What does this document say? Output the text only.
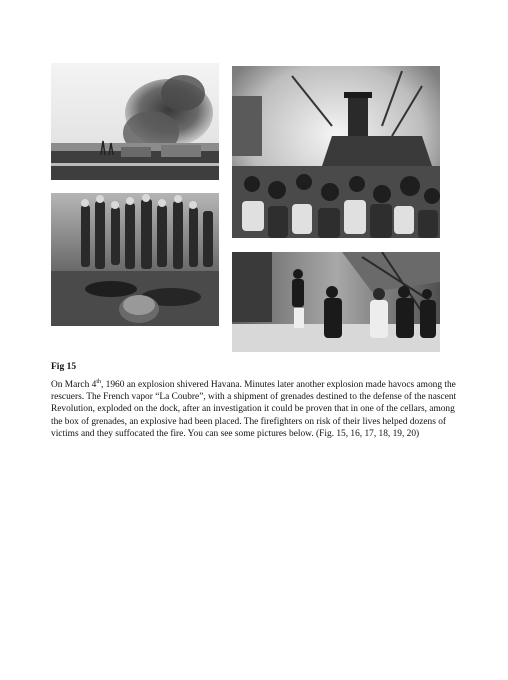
Fig 15

On March 4th, 1960 an explosion shivered Havana. Minutes later another explosion made havocs among the rescuers. The French vapor “La Coubre”, with a shipment of grenades destined to the defense of the nascent Revolution, exploded on the dock, after an investigation it could be proven that in one of the cellars, among the box of grenades, an explosive had been placed. The firefighters on risk of their lives helped dozens of victims and they suffocated the fire. You can see some pictures below. (Fig. 15, 16, 17, 18, 19, 20)
